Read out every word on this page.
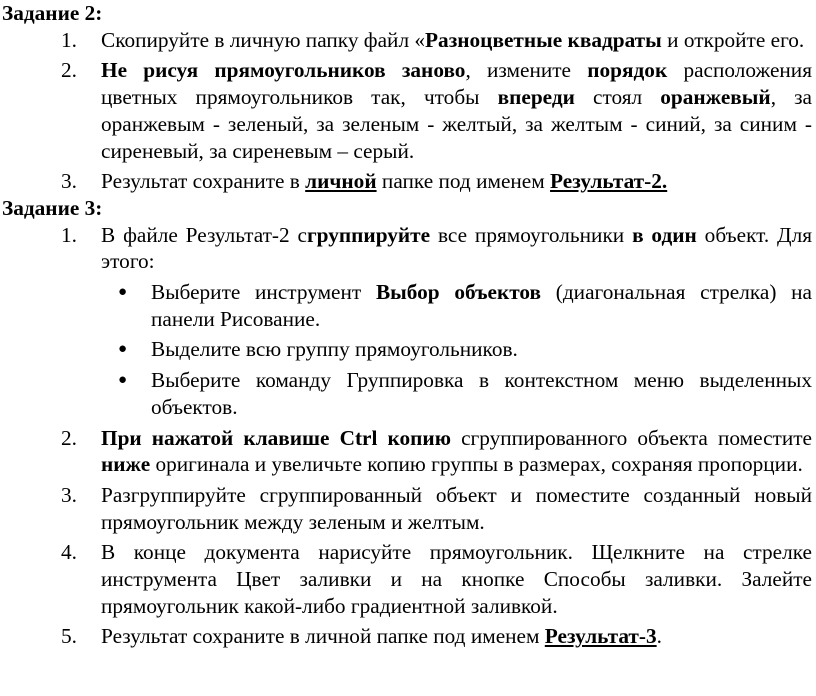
Задание 2:

1. Скопируйте в личную папку файл «Разноцветные квадраты и откройте его.

2. Не рисуя прямоугольников заново, измените порядок расположения цветных прямоугольников так, чтобы впереди стоял оранжевый, за оранжевым - зеленый, за зеленым - желтый, за желтым - синий, за синим - сиреневый, за сиреневым – серый.

3. Результат сохраните в личной папке под именем Результат-2.

Задание 3:

1. В файле Результат-2 сгруппируйте все прямоугольники в один объект. Для этого:

● Выберите инструмент Выбор объектов (диагональная стрелка) на панели Рисование.

● Выделите всю группу прямоугольников.

● Выберите команду Группировка в контекстном меню выделенных объектов.

2. При нажатой клавише Ctrl копию сгруппированного объекта поместите ниже оригинала и увеличьте копию группы в размерах, сохраняя пропорции.

3. Разгруппируйте сгруппированный объект и поместите созданный новый прямоугольник между зеленым и желтым.

4. В конце документа нарисуйте прямоугольник. Щелкните на стрелке инструмента Цвет заливки и на кнопке Способы заливки. Залейте прямоугольник какой-либо градиентной заливкой.

5. Результат сохраните в личной папке под именем Результат-3.
